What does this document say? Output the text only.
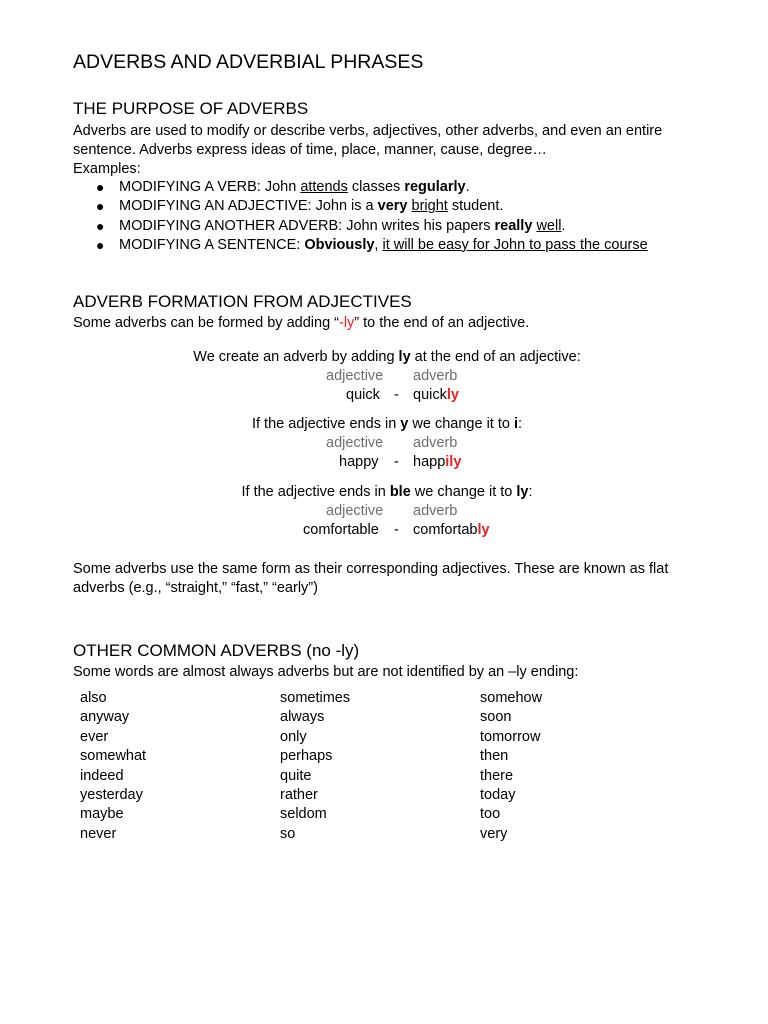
ADVERBS AND ADVERBIAL PHRASES
THE PURPOSE OF ADVERBS
Adverbs are used to modify or describe verbs, adjectives, other adverbs, and even an entire
sentence. Adverbs express ideas of time, place, manner, cause, degree…
Examples:
● MODIFYING A VERB: John attends classes regularly.
● MODIFYING AN ADJECTIVE: John is a very bright student.
● MODIFYING ANOTHER ADVERB: John writes his papers really well.
● MODIFYING A SENTENCE: Obviously, it will be easy for John to pass the course
ADVERB FORMATION FROM ADJECTIVES
Some adverbs can be formed by adding “-ly” to the end of an adjective.
We create an adverb by adding ly at the end of an adjective:
adjective adverb
quick - quickly
If the adjective ends in y we change it to i:
adjective adverb
happy - happily
If the adjective ends in ble we change it to ly:
adjective adverb
comfortable - comfortably
Some adverbs use the same form as their corresponding adjectives. These are known as flat
adverbs (e.g., “straight,” “fast,” “early”)
OTHER COMMON ADVERBS (no -ly)
Some words are almost always adverbs but are not identified by an –ly ending:
also
anyway
ever
somewhat
indeed
yesterday
maybe
never
sometimes
always
only
perhaps
quite
rather
seldom
so
somehow
soon
tomorrow
then
there
today
too
very
